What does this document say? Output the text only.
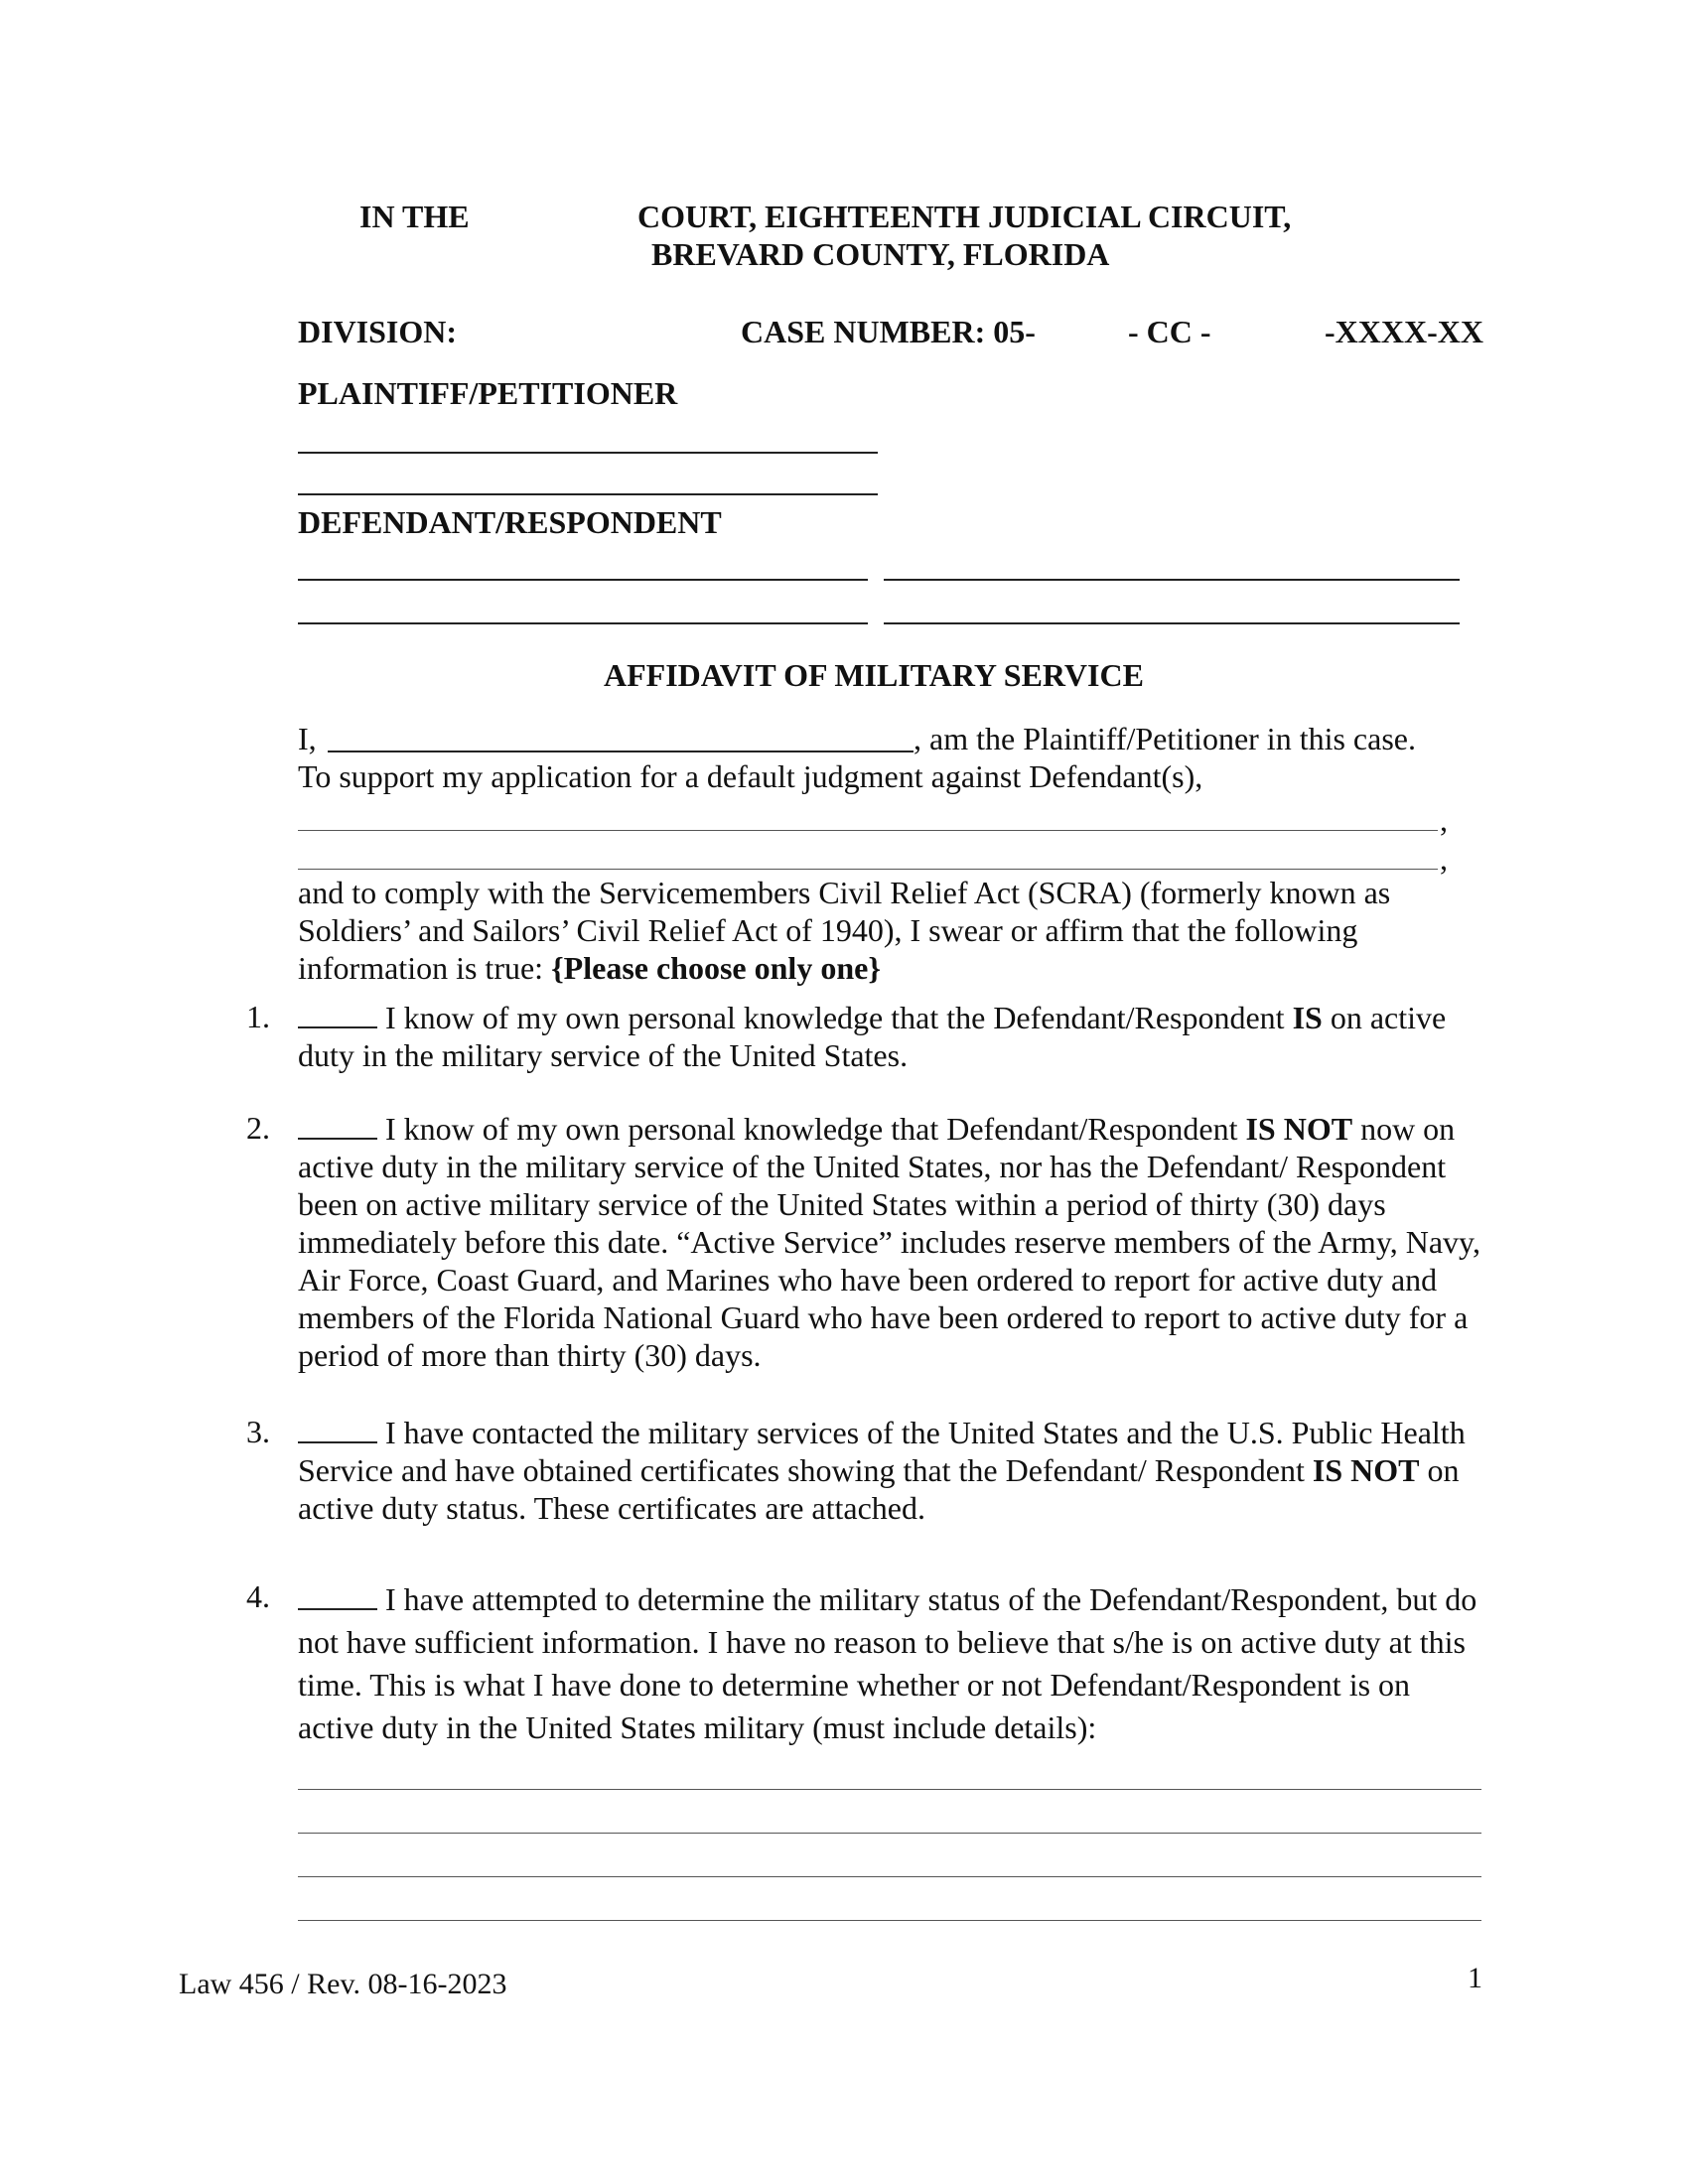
IN THE	COURT, EIGHTEENTH JUDICIAL CIRCUIT,
BREVARD COUNTY, FLORIDA
DIVISION:	CASE NUMBER: 05-	- CC -	-XXXX-XX
PLAINTIFF/PETITIONER
DEFENDANT/RESPONDENT
AFFIDAVIT OF MILITARY SERVICE
I,	, am the Plaintiff/Petitioner in this case.
To support my application for a default judgment against Defendant(s),
,
,
and to comply with the Servicemembers Civil Relief Act (SCRA) (formerly known as Soldiers’ and Sailors’ Civil Relief Act of 1940), I swear or affirm that the following information is true: {Please choose only one}
1.	I know of my own personal knowledge that the Defendant/Respondent IS on active duty in the military service of the United States.
2.	I know of my own personal knowledge that Defendant/Respondent IS NOT now on active duty in the military service of the United States, nor has the Defendant/ Respondent been on active military service of the United States within a period of thirty (30) days immediately before this date. “Active Service” includes reserve members of the Army, Navy, Air Force, Coast Guard, and Marines who have been ordered to report for active duty and members of the Florida National Guard who have been ordered to report to active duty for a period of more than thirty (30) days.
3.	I have contacted the military services of the United States and the U.S. Public Health Service and have obtained certificates showing that the Defendant/ Respondent IS NOT on active duty status. These certificates are attached.
4.	I have attempted to determine the military status of the Defendant/Respondent, but do not have sufficient information. I have no reason to believe that s/he is on active duty at this time. This is what I have done to determine whether or not Defendant/Respondent is on active duty in the United States military (must include details):
Law 456 / Rev. 08-16-2023	1
